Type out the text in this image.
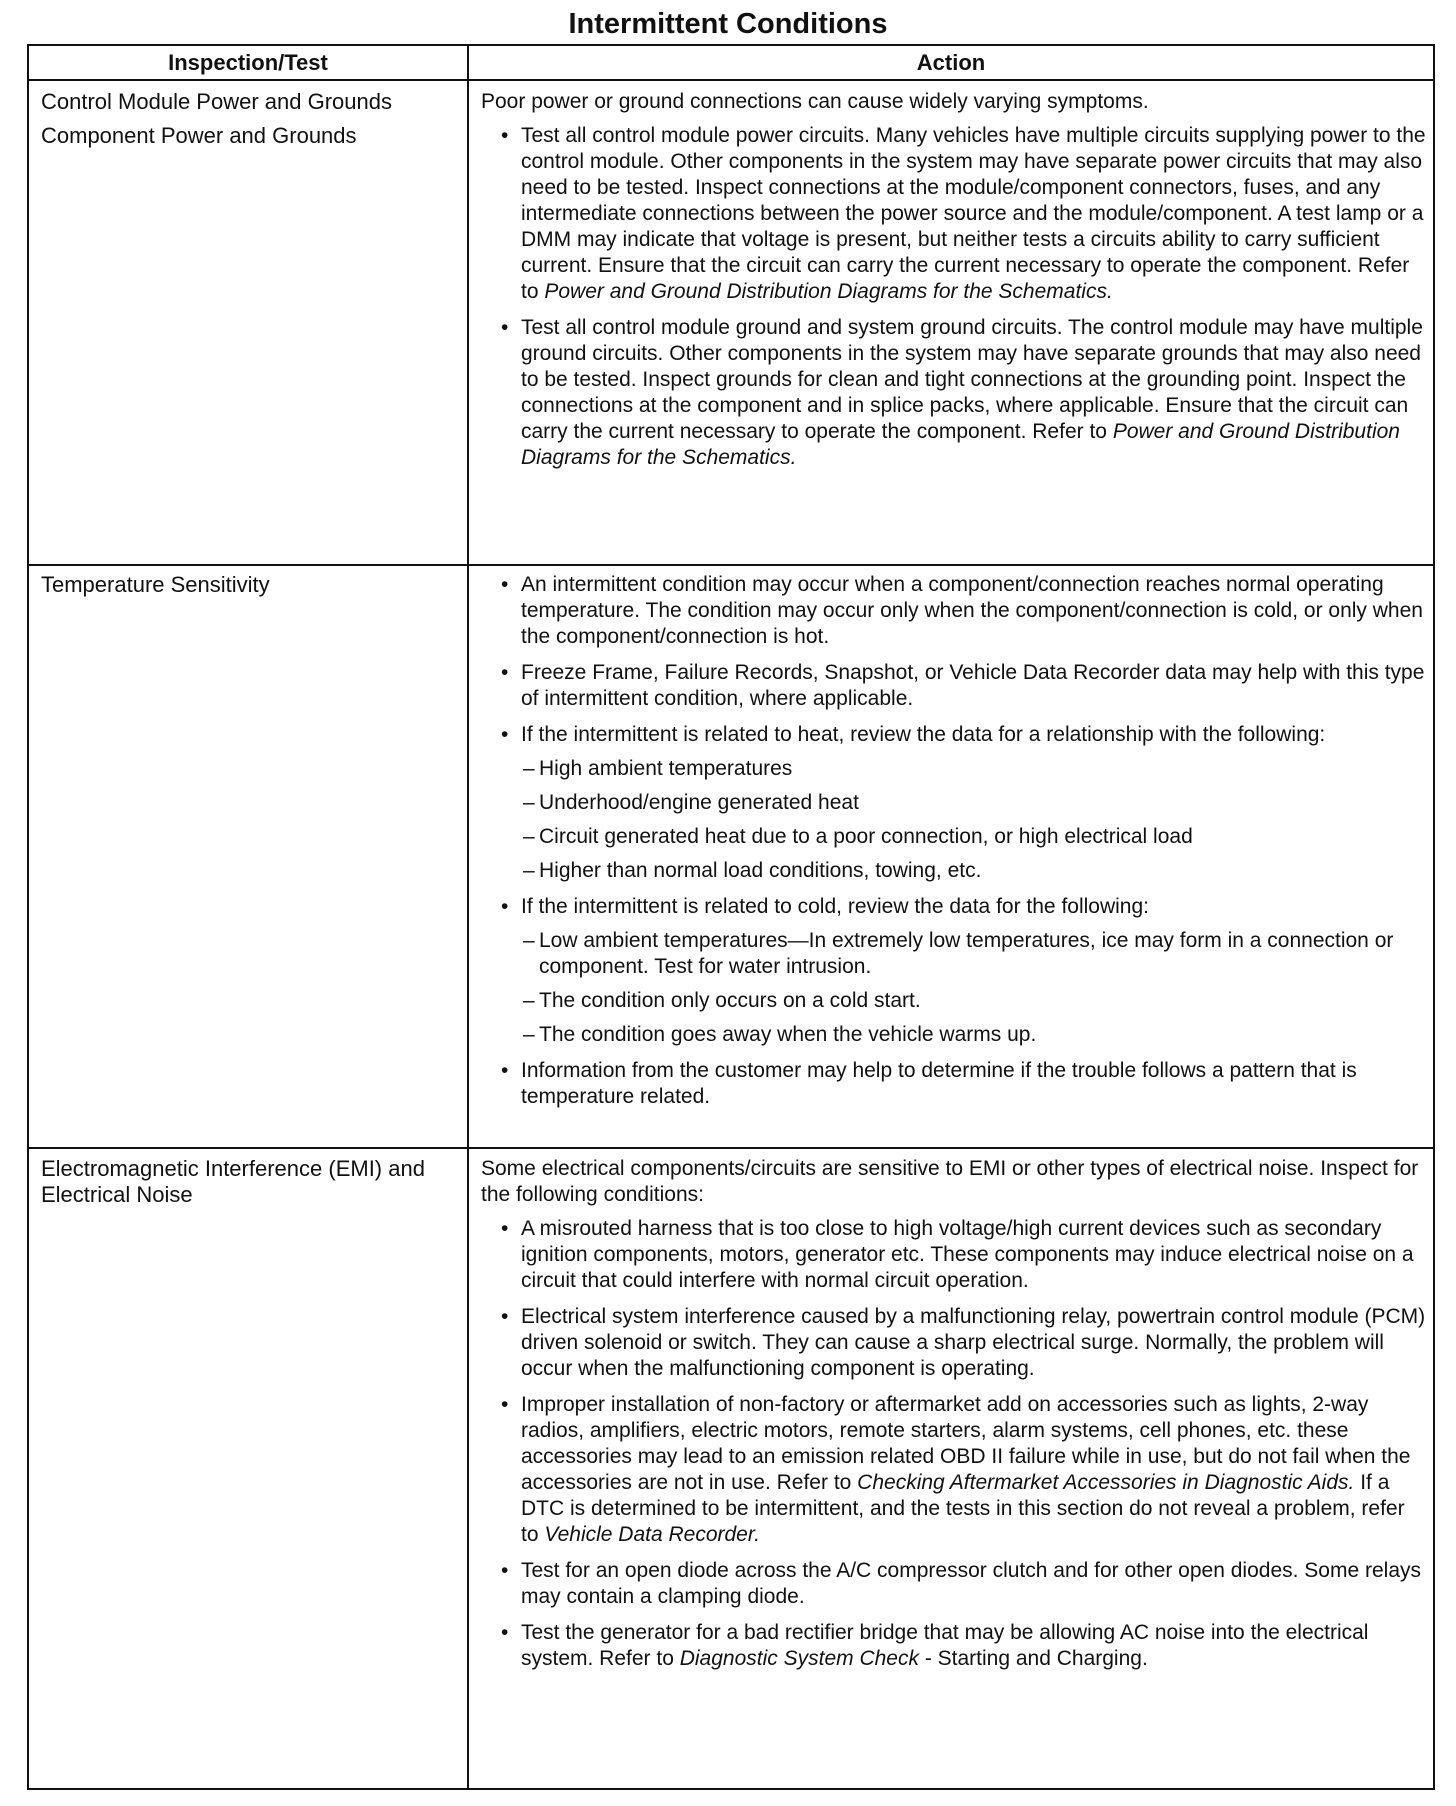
Intermittent Conditions
Inspection/Test	Action
Control Module Power and Grounds
Component Power and Grounds

Poor power or ground connections can cause widely varying symptoms.

• Test all control module power circuits. Many vehicles have multiple circuits supplying power to the control module. Other components in the system may have separate power circuits that may also need to be tested. Inspect connections at the module/component connectors, fuses, and any intermediate connections between the power source and the module/component. A test lamp or a DMM may indicate that voltage is present, but neither tests a circuits ability to carry sufficient current. Ensure that the circuit can carry the current necessary to operate the component. Refer to Power and Ground Distribution Diagrams for the Schematics.
• Test all control module ground and system ground circuits. The control module may have multiple ground circuits. Other components in the system may have separate grounds that may also need to be tested. Inspect grounds for clean and tight connections at the grounding point. Inspect the connections at the component and in splice packs, where applicable. Ensure that the circuit can carry the current necessary to operate the component. Refer to Power and Ground Distribution Diagrams for the Schematics.
Temperature Sensitivity
•	An intermittent condition may occur when a component/connection reaches normal operating temperature. The condition may occur only when the component/connection is cold, or only when the component/connection is hot.
• Freeze Frame, Failure Records, Snapshot, or Vehicle Data Recorder data may help with this type of intermittent condition, where applicable.
• If the intermittent is related to heat, review the data for a relationship with the following:
– High ambient temperatures
– Underhood/engine generated heat
– Circuit generated heat due to a poor connection, or high electrical load
– Higher than normal load conditions, towing, etc.
• If the intermittent is related to cold, review the data for the following:
– Low ambient temperatures—In extremely low temperatures, ice may form in a connection or component. Test for water intrusion.
– The condition only occurs on a cold start.
– The condition goes away when the vehicle warms up.
• Information from the customer may help to determine if the trouble follows a pattern that is temperature related.
Electromagnetic Interference (EMI) and Electrical Noise

Some electrical components/circuits are sensitive to EMI or other types of electrical noise. Inspect for the following conditions:

• A misrouted harness that is too close to high voltage/high current devices such as secondary ignition components, motors, generator etc. These components may induce electrical noise on a circuit that could interfere with normal circuit operation.
• Electrical system interference caused by a malfunctioning relay, powertrain control module (PCM) driven solenoid or switch. They can cause a sharp electrical surge. Normally, the problem will occur when the malfunctioning component is operating.
• Improper installation of non-factory or aftermarket add on accessories such as lights, 2-way radios, amplifiers, electric motors, remote starters, alarm systems, cell phones, etc. these accessories may lead to an emission related OBD II failure while in use, but do not fail when the accessories are not in use. Refer to Checking Aftermarket Accessories in Diagnostic Aids. If a DTC is determined to be intermittent, and the tests in this section do not reveal a problem, refer to Vehicle Data Recorder.
• Test for an open diode across the A/C compressor clutch and for other open diodes. Some relays may contain a clamping diode.
• Test the generator for a bad rectifier bridge that may be allowing AC noise into the electrical system. Refer to Diagnostic System Check - Starting and Charging.
